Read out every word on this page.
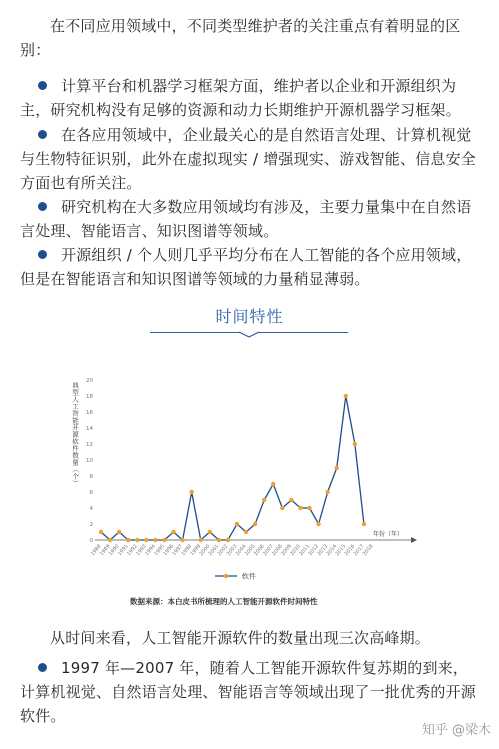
在不同应用领域中，不同类型维护者的关注重点有着明显的区别：
计算平台和机器学习框架方面，维护者以企业和开源组织为主，研究机构没有足够的资源和动力长期维护开源机器学习框架。
在各应用领域中，企业最关心的是自然语言处理、计算机视觉与生物特征识别，此外在虚拟现实 / 增强现实、游戏智能、信息安全方面也有所关注。
研究机构在大多数应用领域均有涉及，主要力量集中在自然语言处理、智能语言、知识图谱等领域。
开源组织 / 个人则几乎平均分布在人工智能的各个应用领域，但是在智能语言和知识图谱等领域的力量稍显薄弱。
时间特性
0
2
4
6
8
10
12
14
16
18
20
典型人工智能开源软件数量（个）
年份（年）
1988
1989
1990
1991
1992
1993
1994
1995
1996
1997
1998
1999
2000
2001
2002
2003
2004
2005
2006
2007
2008
2009
2010
2011
2012
2013
2014
2015
2016
2017
2018
软件
数据来源：本白皮书所梳理的人工智能开源软件时间特性
从时间来看，人工智能开源软件的数量出现三次高峰期。
1997 年—2007 年，随着人工智能开源软件复苏期的到来，计算机视觉、自然语言处理、智能语言等领域出现了一批优秀的开源软件。
知乎 @梁木
